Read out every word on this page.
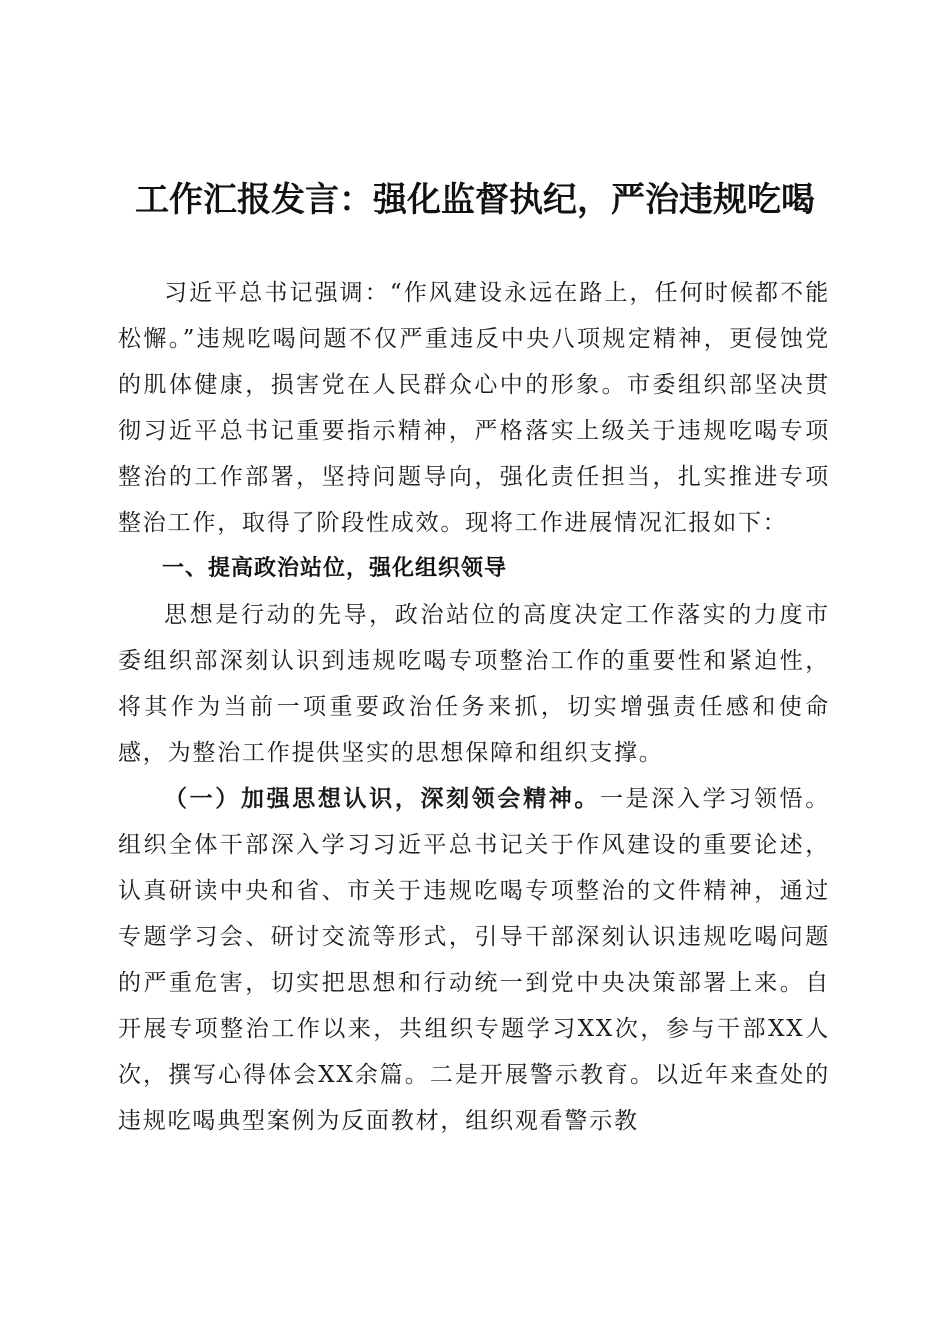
工作汇报发言：强化监督执纪，严治违规吃喝

习近平总书记强调：“作风建设永远在路上，任何时候都不能松懈。”违规吃喝问题不仅严重违反中央八项规定精神，更侵蚀党的肌体健康，损害党在人民群众心中的形象。市委组织部坚决贯彻习近平总书记重要指示精神，严格落实上级关于违规吃喝专项整治的工作部署，坚持问题导向，强化责任担当，扎实推进专项整治工作，取得了阶段性成效。现将工作进展情况汇报如下：

一、提高政治站位，强化组织领导

思想是行动的先导，政治站位的高度决定工作落实的力度市委组织部深刻认识到违规吃喝专项整治工作的重要性和紧迫性，将其作为当前一项重要政治任务来抓，切实增强责任感和使命感，为整治工作提供坚实的思想保障和组织支撑。

（一）加强思想认识，深刻领会精神。一是深入学习领悟。组织全体干部深入学习习近平总书记关于作风建设的重要论述，认真研读中央和省、市关于违规吃喝专项整治的文件精神，通过专题学习会、研讨交流等形式，引导干部深刻认识违规吃喝问题的严重危害，切实把思想和行动统一到党中央决策部署上来。自开展专项整治工作以来，共组织专题学习XX次，参与干部XX人次，撰写心得体会XX余篇。二是开展警示教育。以近年来查处的违规吃喝典型案例为反面教材，组织观看警示教
